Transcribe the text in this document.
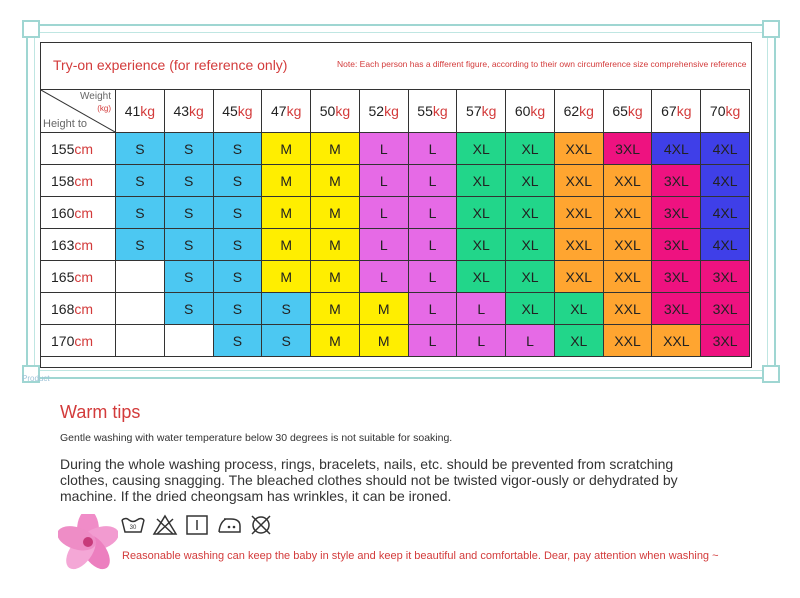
Product
Try-on experience (for reference only)	Note: Each person has a different figure, according to their own circumference size comprehensive reference
Weight
(kg)
Height to	41kg	43kg	45kg	47kg	50kg	52kg	55kg	57kg	60kg	62kg	65kg	67kg	70kg
155cm	S	S	S	M	M	L	L	XL	XL	XXL	3XL	4XL	4XL
158cm	S	S	S	M	M	L	L	XL	XL	XXL	XXL	3XL	4XL
160cm	S	S	S	M	M	L	L	XL	XL	XXL	XXL	3XL	4XL
163cm	S	S	S	M	M	L	L	XL	XL	XXL	XXL	3XL	4XL
165cm		S	S	M	M	L	L	XL	XL	XXL	XXL	3XL	3XL
168cm		S	S	S	M	M	L	L	XL	XL	XXL	3XL	3XL
170cm			S	S	M	M	L	L	L	XL	XXL	XXL	3XL
Warm tips
Gentle washing with water temperature below 30 degrees is not suitable for soaking.
During the whole washing process, rings, bracelets, nails, etc. should be prevented from scratching clothes, causing snagging. The bleached clothes should not be twisted vigor-ously or dehydrated by machine. If the dried cheongsam has wrinkles, it can be ironed.
30
Reasonable washing can keep the baby in style and keep it beautiful and comfortable. Dear, pay attention when washing ~
